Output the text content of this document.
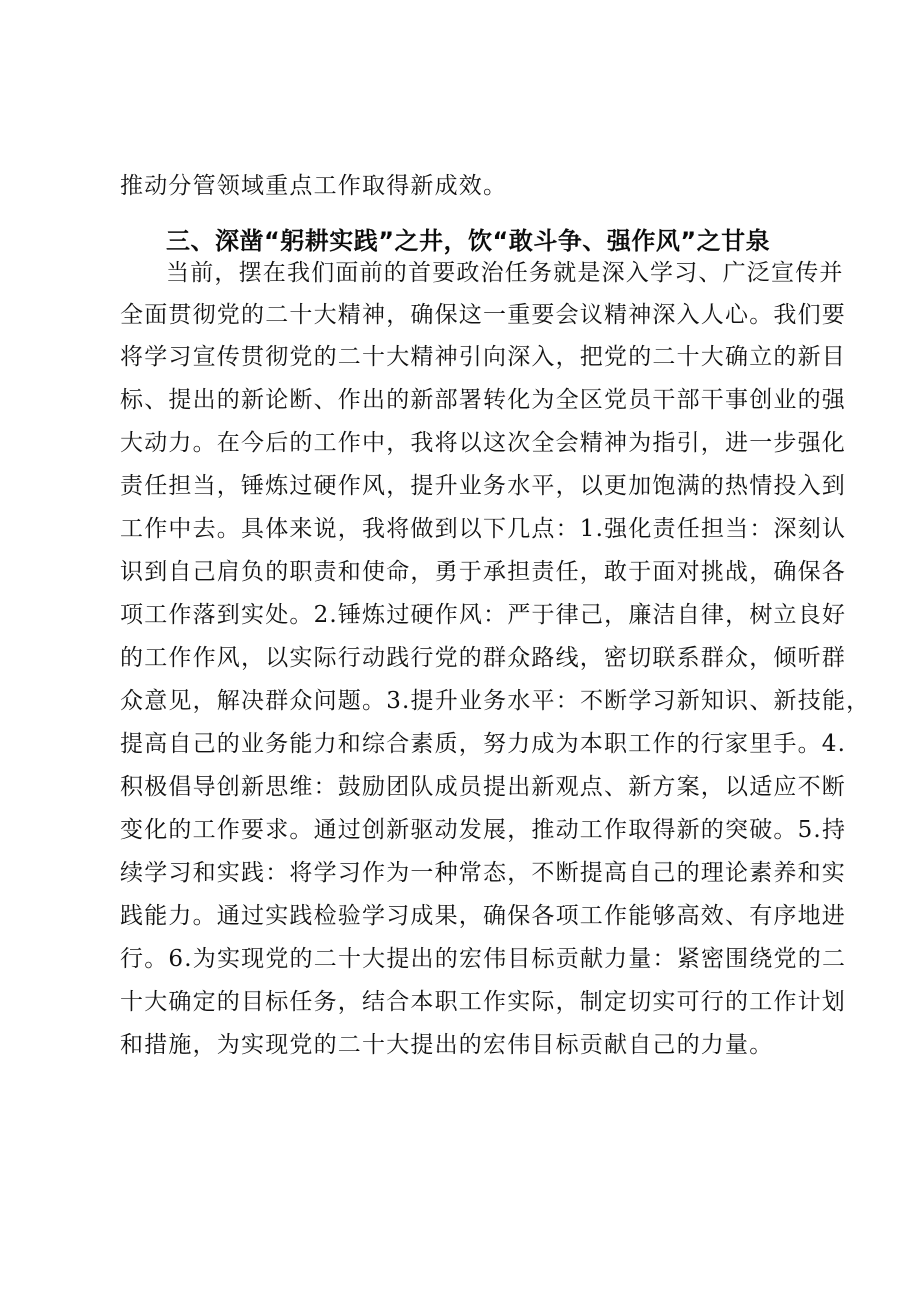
推动分管领域重点工作取得新成效。
三、深凿“躬耕实践”之井，饮“敢斗争、强作风”之甘泉
当前，摆在我们面前的首要政治任务就是深入学习、广泛宣传并
全面贯彻党的二十大精神，确保这一重要会议精神深入人心。我们要
将学习宣传贯彻党的二十大精神引向深入，把党的二十大确立的新目
标、提出的新论断、作出的新部署转化为全区党员干部干事创业的强
大动力。在今后的工作中，我将以这次全会精神为指引，进一步强化
责任担当，锤炼过硬作风，提升业务水平，以更加饱满的热情投入到
工作中去。具体来说，我将做到以下几点：1.强化责任担当：深刻认
识到自己肩负的职责和使命，勇于承担责任，敢于面对挑战，确保各
项工作落到实处。2.锤炼过硬作风：严于律己，廉洁自律，树立良好
的工作作风，以实际行动践行党的群众路线，密切联系群众，倾听群
众意见，解决群众问题。3.提升业务水平：不断学习新知识、新技能，
提高自己的业务能力和综合素质，努力成为本职工作的行家里手。4.
积极倡导创新思维：鼓励团队成员提出新观点、新方案，以适应不断
变化的工作要求。通过创新驱动发展，推动工作取得新的突破。5.持
续学习和实践：将学习作为一种常态，不断提高自己的理论素养和实
践能力。通过实践检验学习成果，确保各项工作能够高效、有序地进
行。6.为实现党的二十大提出的宏伟目标贡献力量：紧密围绕党的二
十大确定的目标任务，结合本职工作实际，制定切实可行的工作计划
和措施，为实现党的二十大提出的宏伟目标贡献自己的力量。
